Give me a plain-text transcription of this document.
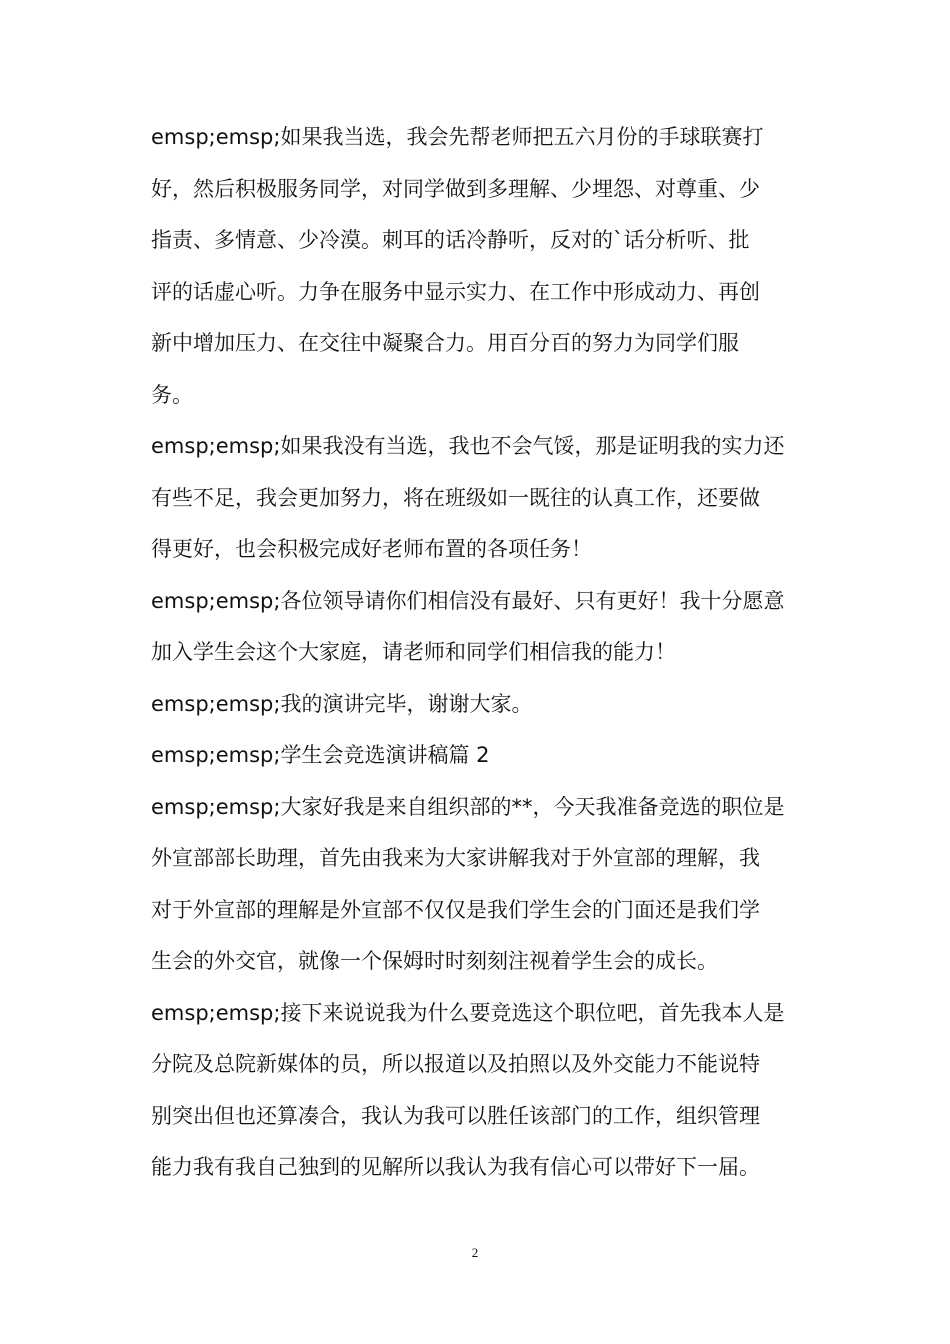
emsp;emsp;如果我当选，我会先帮老师把五六月份的手球联赛打
好，然后积极服务同学，对同学做到多理解、少埋怨、对尊重、少
指责、多情意、少冷漠。刺耳的话冷静听，反对的`话分析听、批
评的话虚心听。力争在服务中显示实力、在工作中形成动力、再创
新中增加压力、在交往中凝聚合力。用百分百的努力为同学们服
务。
emsp;emsp;如果我没有当选，我也不会气馁，那是证明我的实力还
有些不足，我会更加努力，将在班级如一既往的认真工作，还要做
得更好，也会积极完成好老师布置的各项任务！
emsp;emsp;各位领导请你们相信没有最好、只有更好！我十分愿意
加入学生会这个大家庭，请老师和同学们相信我的能力！
emsp;emsp;我的演讲完毕，谢谢大家。
emsp;emsp;学生会竞选演讲稿篇 2
emsp;emsp;大家好我是来自组织部的**，今天我准备竞选的职位是
外宣部部长助理，首先由我来为大家讲解我对于外宣部的理解，我
对于外宣部的理解是外宣部不仅仅是我们学生会的门面还是我们学
生会的外交官，就像一个保姆时时刻刻注视着学生会的成长。
emsp;emsp;接下来说说我为什么要竞选这个职位吧，首先我本人是
分院及总院新媒体的员，所以报道以及拍照以及外交能力不能说特
别突出但也还算凑合，我认为我可以胜任该部门的工作，组织管理
能力我有我自己独到的见解所以我认为我有信心可以带好下一届。
2
